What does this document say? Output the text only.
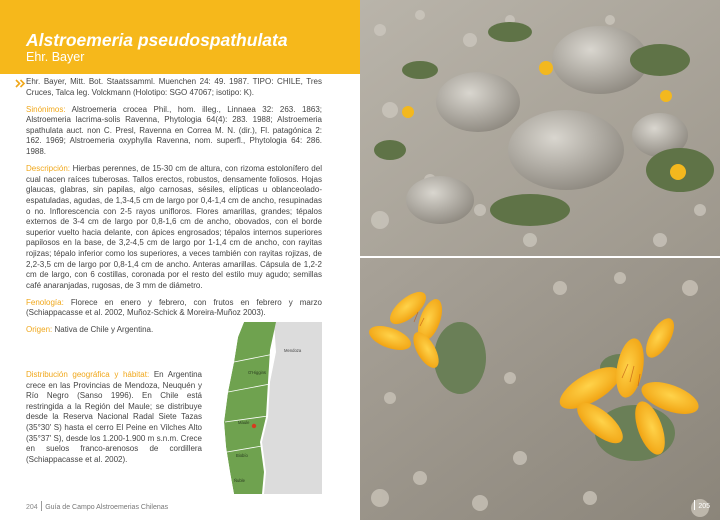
Alstroemeria pseudospathulata
Ehr. Bayer

Ehr. Bayer, Mitt. Bot. Staatssamml. Muenchen 24: 49. 1987. TIPO: CHILE, Tres Cruces, Talca leg. Volckmann (Holotipo: SGO 47067; isotipo: K).

Sinónimos: Alstroemeria crocea Phil., hom. illeg., Linnaea 32: 263. 1863; Alstroemeria lacrima-solis Ravenna, Phytologia 64(4): 283. 1988; Alstroemeria spathulata auct. non C. Presl, Ravenna en Correa M. N. (dir.), Fl. patagónica 2: 162. 1969; Alstroemeria oxyphylla Ravenna, nom. superfl., Phytologia 64: 286. 1988.

Descripción: Hierbas perennes, de 15-30 cm de altura, con rizoma estolonífero del cual nacen raíces tuberosas. Tallos erectos, robustos, densamente foliosos. Hojas glaucas, glabras, sin papilas, algo carnosas, sésiles, elípticas u oblanceolado-espatuladas, agudas, de 1,3-4,5 cm de largo por 0,4-1,4 cm de ancho, resupinadas o no. Inflorescencia con 2-5 rayos unifloros. Flores amarillas, grandes; tépalos externos de 3-4 cm de largo por 0,8-1,6 cm de ancho, obovados, con el borde superior vuelto hacia delante, con ápices engrosados; tépalos internos superiores papilosos en la base, de 3,2-4,5 cm de largo por 1-1,4 cm de ancho, con rayitas rojizas; tépalo inferior como los superiores, a veces también con rayitas rojizas, de 2,2-3,5 cm de largo por 0,8-1,4 cm de ancho. Anteras amarillas. Cápsula de 1,2-2 cm de largo, con 6 costillas, coronada por el resto del estilo muy agudo; semillas café anaranjadas, rugosas, de 3 mm de diámetro.

Fenología: Florece en enero y febrero, con frutos en febrero y marzo (Schiappacasse et al. 2002, Muñoz-Schick & Moreira-Muñoz 2003).

Origen: Nativa de Chile y Argentina.

Distribución geográfica y hábitat: En Argentina crece en las Provincias de Mendoza, Neuquén y Río Negro (Sanso 1996). En Chile está restringida a la Región del Maule; se distribuye desde la Reserva Nacional Radal Siete Tazas (35°30' S) hasta el cerro El Peine en Vilches Alto (35°37' S), desde los 1.200-1.900 m s.n.m. Crece en suelos franco-arenosos de cordillera (Schiappacasse et al. 2002).
Mendoza
O'Higgins
Maule
Biobío
Ñuble
204 Guía de Campo Alstroemerias Chilenas	205
